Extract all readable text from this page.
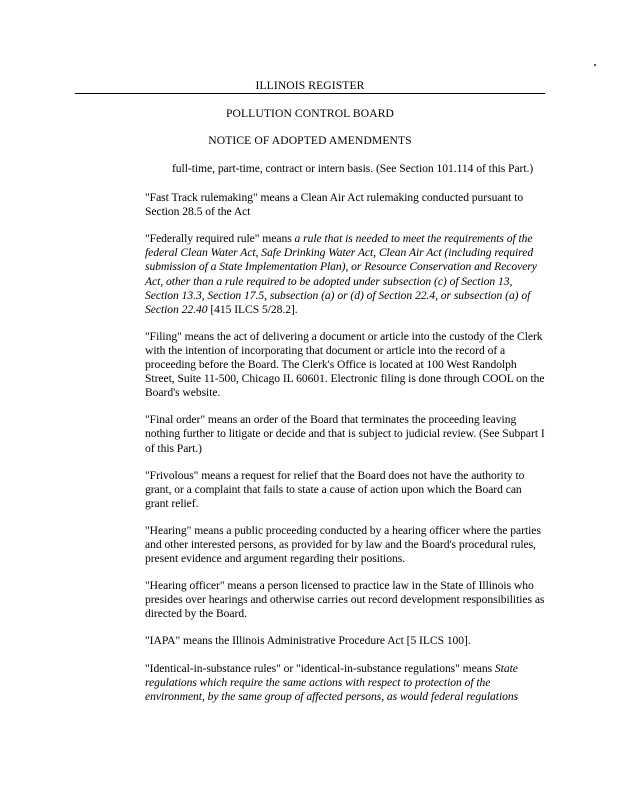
ILLINOIS REGISTER
POLLUTION CONTROL BOARD
NOTICE OF ADOPTED AMENDMENTS

full-time, part-time, contract or intern basis. (See Section 101.114 of this Part.)

"Fast Track rulemaking" means a Clean Air Act rulemaking conducted pursuant to Section 28.5 of the Act

"Federally required rule" means a rule that is needed to meet the requirements of the federal Clean Water Act, Safe Drinking Water Act, Clean Air Act (including required submission of a State Implementation Plan), or Resource Conservation and Recovery Act, other than a rule required to be adopted under subsection (c) of Section 13, Section 13.3, Section 17.5, subsection (a) or (d) of Section 22.4, or subsection (a) of Section 22.40 [415 ILCS 5/28.2].

"Filing" means the act of delivering a document or article into the custody of the Clerk with the intention of incorporating that document or article into the record of a proceeding before the Board. The Clerk's Office is located at 100 West Randolph Street, Suite 11-500, Chicago IL 60601. Electronic filing is done through COOL on the Board's website.

"Final order" means an order of the Board that terminates the proceeding leaving nothing further to litigate or decide and that is subject to judicial review. (See Subpart I of this Part.)

"Frivolous" means a request for relief that the Board does not have the authority to grant, or a complaint that fails to state a cause of action upon which the Board can grant relief.

"Hearing" means a public proceeding conducted by a hearing officer where the parties and other interested persons, as provided for by law and the Board's procedural rules, present evidence and argument regarding their positions.

"Hearing officer" means a person licensed to practice law in the State of Illinois who presides over hearings and otherwise carries out record development responsibilities as directed by the Board.

"IAPA" means the Illinois Administrative Procedure Act [5 ILCS 100].

"Identical-in-substance rules" or "identical-in-substance regulations" means State regulations which require the same actions with respect to protection of the environment, by the same group of affected persons, as would federal regulations
